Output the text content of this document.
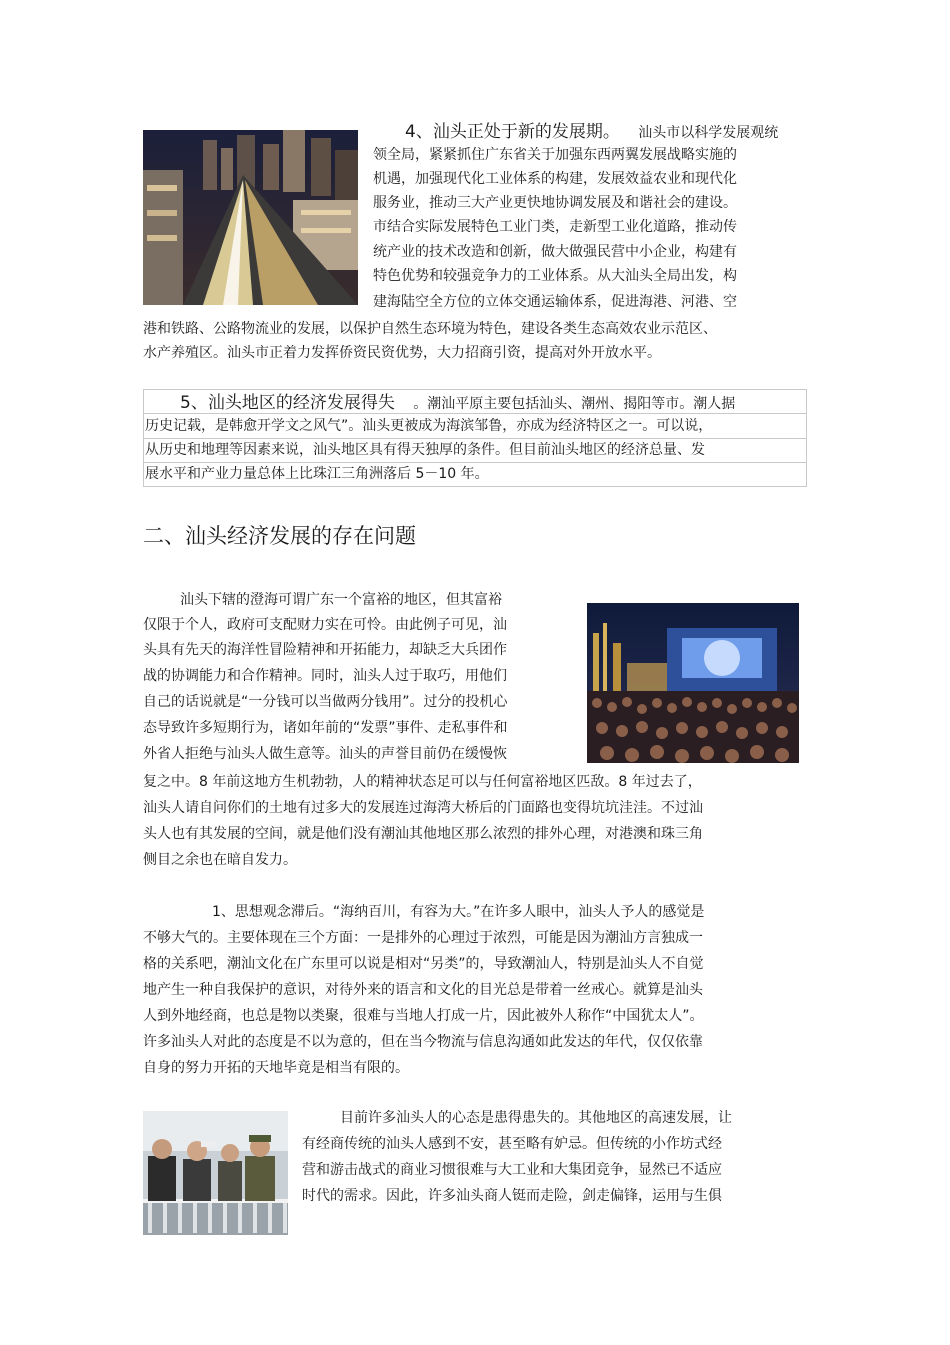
4、汕头正处于新的发展期。 汕头市以科学发展观统
领全局，紧紧抓住广东省关于加强东西两翼发展战略实施的
机遇，加强现代化工业体系的构建，发展效益农业和现代化
服务业，推动三大产业更快地协调发展及和谐社会的建设。
市结合实际发展特色工业门类，走新型工业化道路，推动传
统产业的技术改造和创新，做大做强民营中小企业，构建有
特色优势和较强竞争力的工业体系。从大汕头全局出发，构
建海陆空全方位的立体交通运输体系，促进海港、河港、空
港和铁路、公路物流业的发展，以保护自然生态环境为特色，建设各类生态高效农业示范区、
水产养殖区。汕头市正着力发挥侨资民资优势，大力招商引资，提高对外开放水平。
5、汕头地区的经济发展得失 。潮汕平原主要包括汕头、潮州、揭阳等市。潮人据
历史记载，是韩愈开学文之风气”。汕头更被成为海滨邹鲁，亦成为经济特区之一。可以说，
从历史和地理等因素来说，汕头地区具有得天独厚的条件。但目前汕头地区的经济总量、发
展水平和产业力量总体上比珠江三角洲落后 5－10 年。
二、汕头经济发展的存在问题
汕头下辖的澄海可谓广东一个富裕的地区，但其富裕
仅限于个人，政府可支配财力实在可怜。由此例子可见，汕
头具有先天的海洋性冒险精神和开拓能力，却缺乏大兵团作
战的协调能力和合作精神。同时，汕头人过于取巧，用他们
自己的话说就是“一分钱可以当做两分钱用”。过分的投机心
态导致许多短期行为，诸如年前的“发票”事件、走私事件和
外省人拒绝与汕头人做生意等。汕头的声誉目前仍在缓慢恢
复之中。8 年前这地方生机勃勃，人的精神状态足可以与任何富裕地区匹敌。8 年过去了，
汕头人请自问你们的土地有过多大的发展连过海湾大桥后的门面路也变得坑坑洼洼。不过汕
头人也有其发展的空间，就是他们没有潮汕其他地区那么浓烈的排外心理，对港澳和珠三角
侧目之余也在暗自发力。
1、思想观念滞后。“海纳百川，有容为大。”在许多人眼中，汕头人予人的感觉是
不够大气的。主要体现在三个方面：一是排外的心理过于浓烈，可能是因为潮汕方言独成一
格的关系吧，潮汕文化在广东里可以说是相对“另类”的，导致潮汕人，特别是汕头人不自觉
地产生一种自我保护的意识，对待外来的语言和文化的目光总是带着一丝戒心。就算是汕头
人到外地经商，也总是物以类聚，很难与当地人打成一片，因此被外人称作“中国犹太人”。
许多汕头人对此的态度是不以为意的，但在当今物流与信息沟通如此发达的年代，仅仅依靠
自身的努力开拓的天地毕竟是相当有限的。
目前许多汕头人的心态是患得患失的。其他地区的高速发展，让
有经商传统的汕头人感到不安，甚至略有妒忌。但传统的小作坊式经
营和游击战式的商业习惯很难与大工业和大集团竞争，显然已不适应
时代的需求。因此，许多汕头商人铤而走险，剑走偏锋，运用与生俱
